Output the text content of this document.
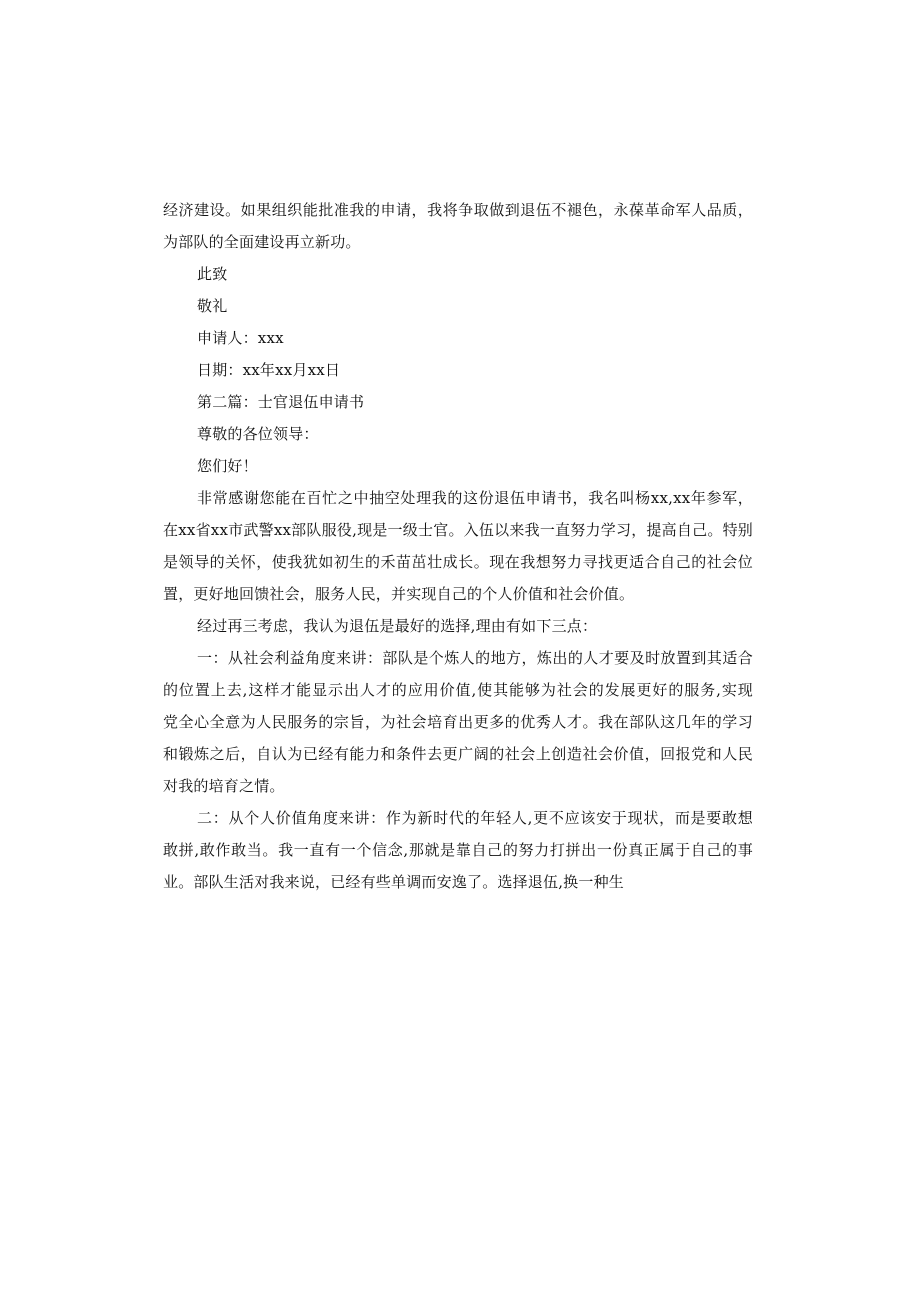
经济建设。如果组织能批准我的申请，我将争取做到退伍不褪色，永葆革命军人品质，
为部队的全面建设再立新功。
此致
敬礼
申请人：xxx
日期：xx年xx月xx日
第二篇：士官退伍申请书
尊敬的各位领导：
您们好！
非常感谢您能在百忙之中抽空处理我的这份退伍申请书，我名叫杨xx,xx年参军，
在xx省xx市武警xx部队服役,现是一级士官。入伍以来我一直努力学习，提高自己。特别
是领导的关怀，使我犹如初生的禾苗茁壮成长。现在我想努力寻找更适合自己的社会位
置，更好地回馈社会，服务人民，并实现自己的个人价值和社会价值。
经过再三考虑，我认为退伍是最好的选择,理由有如下三点：
一：从社会利益角度来讲：部队是个炼人的地方，炼出的人才要及时放置到其适合
的位置上去,这样才能显示出人才的应用价值,使其能够为社会的发展更好的服务,实现
党全心全意为人民服务的宗旨，为社会培育出更多的优秀人才。我在部队这几年的学习
和锻炼之后，自认为已经有能力和条件去更广阔的社会上创造社会价值，回报党和人民
对我的培育之情。
二：从个人价值角度来讲：作为新时代的年轻人,更不应该安于现状，而是要敢想
敢拼,敢作敢当。我一直有一个信念,那就是靠自己的努力打拼出一份真正属于自己的事
业。部队生活对我来说，已经有些单调而安逸了。选择退伍,换一种生
